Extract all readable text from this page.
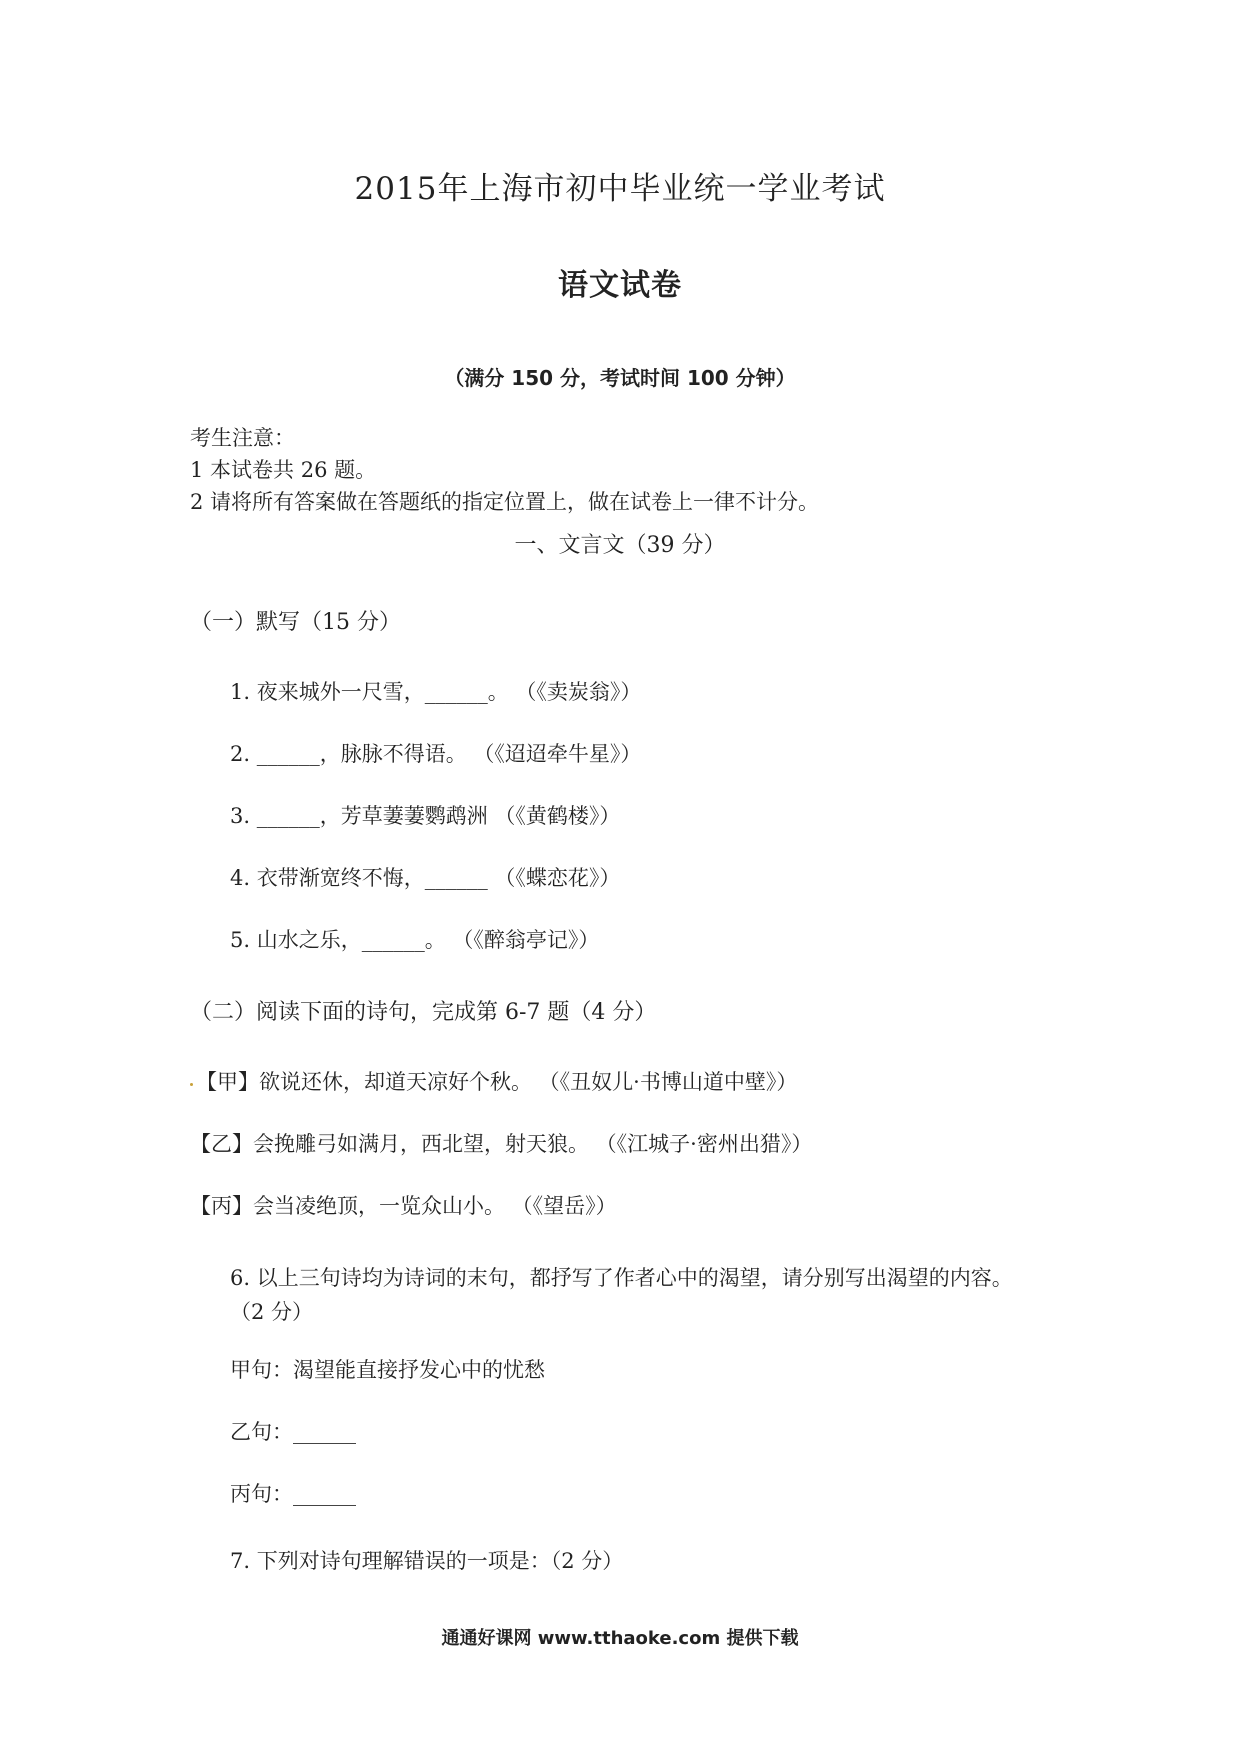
2015年上海市初中毕业统一学业考试
语文试卷
（满分 150 分，考试时间 100 分钟）
考生注意：
1 本试卷共 26 题。
2 请将所有答案做在答题纸的指定位置上，做在试卷上一律不计分。
一、文言文（39 分）
（一）默写（15 分）
1. 夜来城外一尺雪，______。 （《卖炭翁》）
2. ______，脉脉不得语。 （《迢迢牵牛星》）
3. ______，芳草萋萋鹦鹉洲 （《黄鹤楼》）
4. 衣带渐宽终不悔，______ （《蝶恋花》）
5. 山水之乐，______。 （《醉翁亭记》）
（二）阅读下面的诗句，完成第 6-7 题（4 分）
【甲】欲说还休，却道天凉好个秋。 （《丑奴儿·书博山道中壁》）
【乙】会挽雕弓如满月，西北望，射天狼。 （《江城子·密州出猎》）
【丙】会当凌绝顶，一览众山小。 （《望岳》）
6. 以上三句诗均为诗词的末句，都抒写了作者心中的渴望，请分别写出渴望的内容。
（2 分）
甲句：渴望能直接抒发心中的忧愁
乙句：______
丙句：______
7. 下列对诗句理解错误的一项是：（2 分）
通通好课网 www.tthaoke.com 提供下载
